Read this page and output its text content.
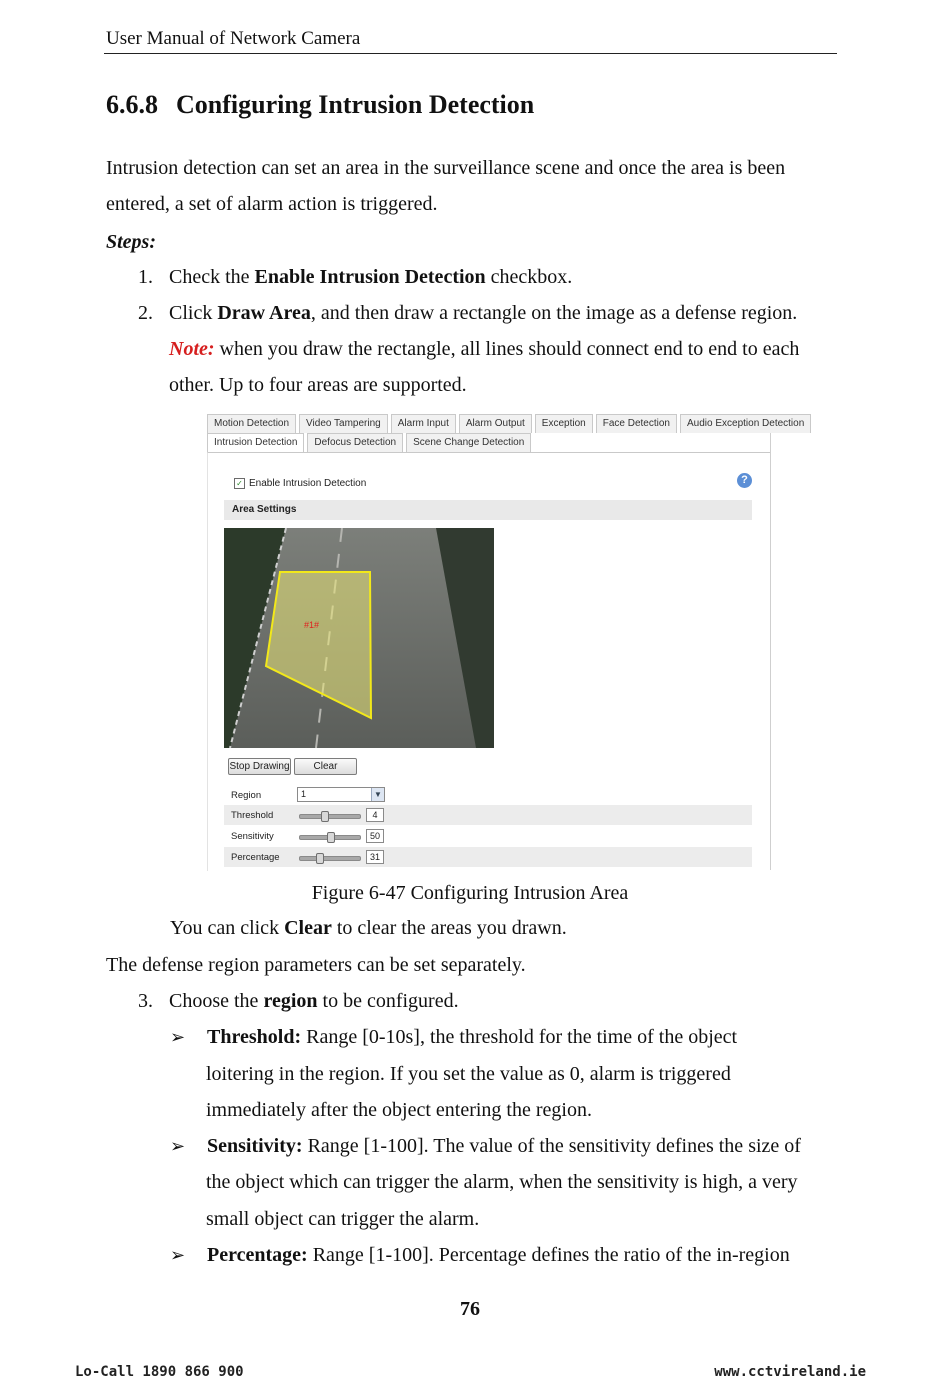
User Manual of Network Camera
6.6.8 Configuring Intrusion Detection
Intrusion detection can set an area in the surveillance scene and once the area is been
entered, a set of alarm action is triggered.
Steps:
1. Check the Enable Intrusion Detection checkbox.
2. Click Draw Area, and then draw a rectangle on the image as a defense region.
Note: when you draw the rectangle, all lines should connect end to end to each
other. Up to four areas are supported.
Motion Detection	Video Tampering	Alarm Input	Alarm Output	Exception	Face Detection	Audio Exception Detection
Intrusion Detection	Defocus Detection	Scene Change Detection
✓ Enable Intrusion Detection	?
Area Settings
#1#
Stop Drawing	Clear
Region	1	▼
Threshold	4
Sensitivity	50
Percentage	31
Figure 6-47 Configuring Intrusion Area
You can click Clear to clear the areas you drawn.
The defense region parameters can be set separately.
3. Choose the region to be configured.
➢ Threshold: Range [0-10s], the threshold for the time of the object
loitering in the region. If you set the value as 0, alarm is triggered
immediately after the object entering the region.
➢ Sensitivity: Range [1-100]. The value of the sensitivity defines the size of
the object which can trigger the alarm, when the sensitivity is high, a very
small object can trigger the alarm.
➢ Percentage: Range [1-100]. Percentage defines the ratio of the in-region
76
Lo-Call 1890 866 900	www.cctvireland.ie
